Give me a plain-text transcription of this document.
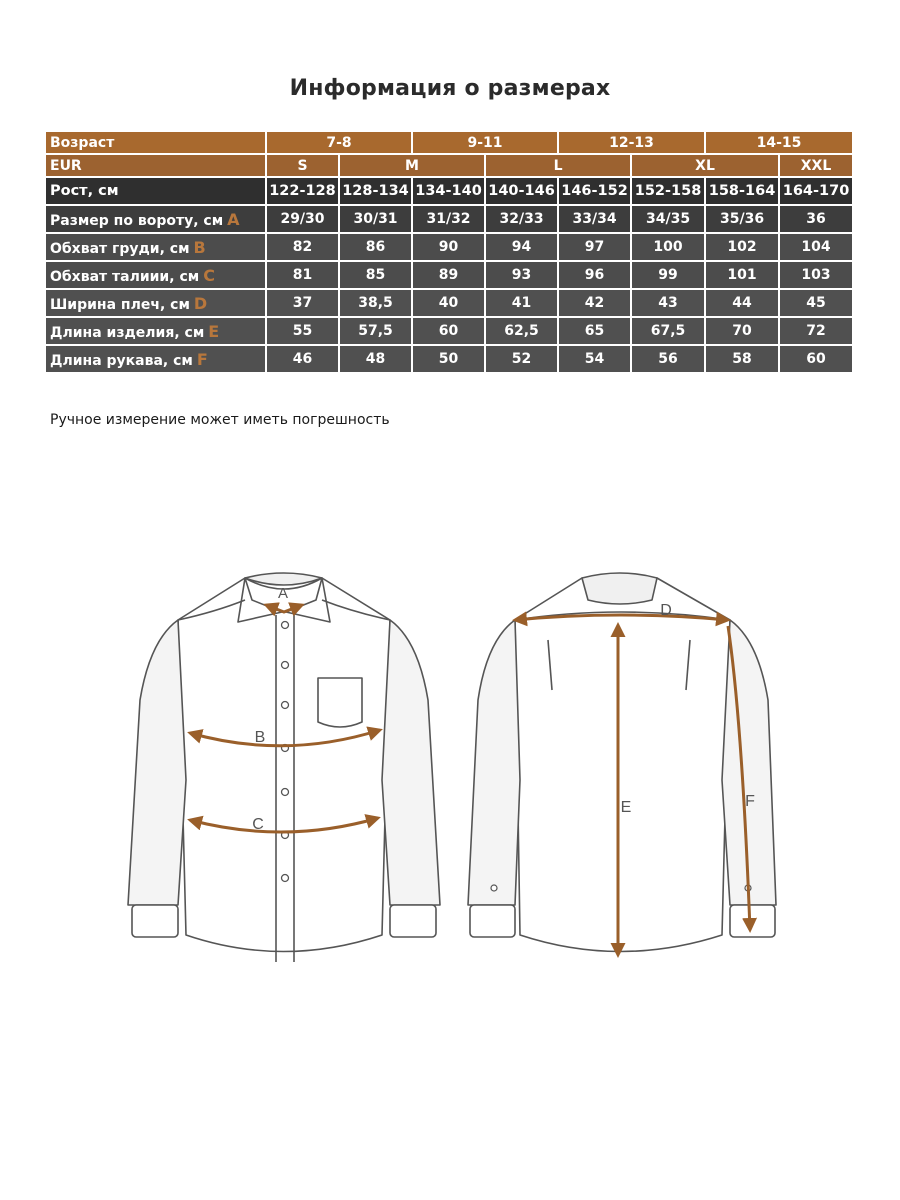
Информация о размерах
Возраст	7-8		9-11		12-13		14-15	
EUR	S	M		L		XL		XXL
Рост, см	122-128	128-134	134-140	140-146	146-152	152-158	158-164	164-170
Размер по вороту, см A	29/30	30/31	31/32	32/33	33/34	34/35	35/36	36
Обхват груди, см B	82	86	90	94	97	100	102	104
Обхват талиии, см C	81	85	89	93	96	99	101	103
Ширина плеч, см D	37	38,5	40	41	42	43	44	45
Длина изделия, см E	55	57,5	60	62,5	65	67,5	70	72
Длина рукава, см F	46	48	50	52	54	56	58	60
Ручное измерение может иметь погрешность
A
B
C
D
E	F
